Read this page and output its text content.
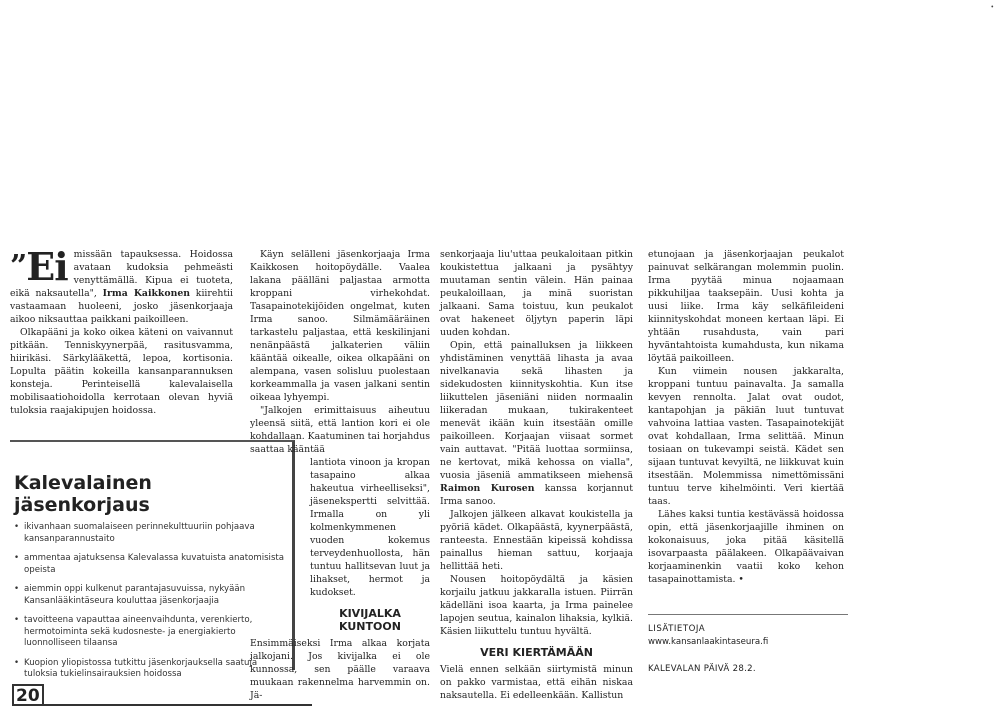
•

”Ei missään tapauksessa. Hoidossa avataan kudoksia pehmeästi venyttämällä. Kipua ei tuoteta, eikä naksautella", Irma Kaikkonen kiirehtii vastaamaan huoleeni, josko jäsenkorjaaja aikoo niksauttaa paikkani paikoilleen.

Olkapääni ja koko oikea käteni on vaivannut pitkään. Tenniskyynerpää, rasitusvamma, hiirikäsi. Särkylääkettä, lepoa, kortisonia. Lopulta päätin kokeilla kansanparannuksen konsteja. Perinteisellä kalevalaisella mobilisaatiohoidolla kerrotaan olevan hyviä tuloksia raajakipujen hoidossa.

Kalevalainen jäsenkorjaus
• ikivanhaan suomalaiseen perinnekulttuuriin pohjaava kansanparannustaito
• ammentaa ajatuksensa Kalevalassa kuvatuista anatomisista opeista
• aiemmin oppi kulkenut parantajasuvuissa, nykyään Kansanlääkintäseura kouluttaa jäsenkorjaajia
• tavoitteena vapauttaa aineenvaihdunta, verenkierto, hermotoiminta sekä kudosneste- ja energiakierto luonnolliseen tilaansa
• Kuopion yliopistossa tutkittu jäsenkorjauksella saatuja tuloksia tukielinsairauksien hoidossa

Käyn selälleni jäsenkorjaaja Irma Kaikkosen hoitopöydälle. Vaalea lakana päälläni paljastaa armotta kroppani virhekohdat. Tasapainotekijöiden ongelmat, kuten Irma sanoo. Silmämääräinen tarkastelu paljastaa, että keskilinjani nenänpäästä jalkaterien väliin kääntää oikealle, oikea olkapääni on alempana, vasen solisluu puolestaan korkeammalla ja vasen jalkani sentin oikeaa lyhyempi.

"Jalkojen erimittaisuus aiheutuu yleensä siitä, että lantion kori ei ole kohdallaan. Kaatuminen tai horjahdus saattaa kääntää

lantiota vinoon ja kropan tasapaino alkaa hakeutua virheelliseksi", jäsenekspertti selvittää. Irmalla on yli kolmenkymmenen vuoden kokemus terveydenhuollosta, hän tuntuu hallitsevan luut ja lihakset, hermot ja kudokset.

KIVIJALKA KUNTOON

Ensimmäiseksi Irma alkaa korjata jalkojani. Jos kivijalka ei ole kunnossa, sen päälle varaava muukaan rakennelma harvemmin on. Jä-

senkorjaaja liu'uttaa peukaloitaan pitkin koukistettua jalkaani ja pysähtyy muutaman sentin välein. Hän painaa peukaloillaan, ja minä suoristan jalkaani. Sama toistuu, kun peukalot ovat hakeneet öljytyn paperin läpi uuden kohdan.

Opin, että painalluksen ja liikkeen yhdistäminen venyttää lihasta ja avaa nivelkanavia sekä lihasten ja sidekudosten kiinnityskohtia. Kun itse liikuttelen jäseniäni niiden normaalin liikeradan mukaan, tukirakenteet menevät ikään kuin itsestään omille paikoilleen. Korjaajan viisaat sormet vain auttavat. "Pitää luottaa sormiinsa, ne kertovat, mikä kehossa on vialla", vuosia jäseniä ammatikseen miehensä Raimon Kurosen kanssa korjannut Irma sanoo.

Jalkojen jälkeen alkavat koukistella ja pyöriä kädet. Olkapäästä, kyynerpäästä, ranteesta. Ennestään kipeissä kohdissa painallus hieman sattuu, korjaaja hellittää heti.

Nousen hoitopöydältä ja käsien korjailu jatkuu jakkaralla istuen. Piirrän kädelläni isoa kaarta, ja Irma painelee lapojen seutua, kainalon lihaksia, kylkiä. Käsien liikuttelu tuntuu hyvältä.

VERI KIERTÄMÄÄN

Vielä ennen selkään siirtymistä minun on pakko varmistaa, että eihän niskaa naksautella. Ei edelleenkään. Kallistun

etunojaan ja jäsenkorjaajan peukalot painuvat selkärangan molemmin puolin. Irma pyytää minua nojaamaan pikkuhiljaa taaksepäin. Uusi kohta ja uusi liike. Irma käy selkäfileideni kiinnityskohdat moneen kertaan läpi. Ei yhtään rusahdusta, vain pari hyväntahtoista kumahdusta, kun nikama löytää paikoilleen.

Kun viimein nousen jakkaralta, kroppani tuntuu painavalta. Ja samalla kevyen rennolta. Jalat ovat oudot, kantapohjan ja päkiän luut tuntuvat vahvoina lattiaa vasten. Tasapainotekijät ovat kohdallaan, Irma selittää. Minun tosiaan on tukevampi seistä. Kädet sen sijaan tuntuvat kevyiltä, ne liikkuvat kuin itsestään. Molemmissa nimettömissäni tuntuu terve kihelmöinti. Veri kiertää taas.

Lähes kaksi tuntia kestävässä hoidossa opin, että jäsenkorjaajille ihminen on kokonaisuus, joka pitää käsitellä isovarpaasta päälakeen. Olkapäävaivan korjaaminenkin vaatii koko kehon tasapainottamista. •

LISÄTIETOJA
www.kansanlaakintaseura.fi
KALEVALAN PÄIVÄ 28.2.
20
